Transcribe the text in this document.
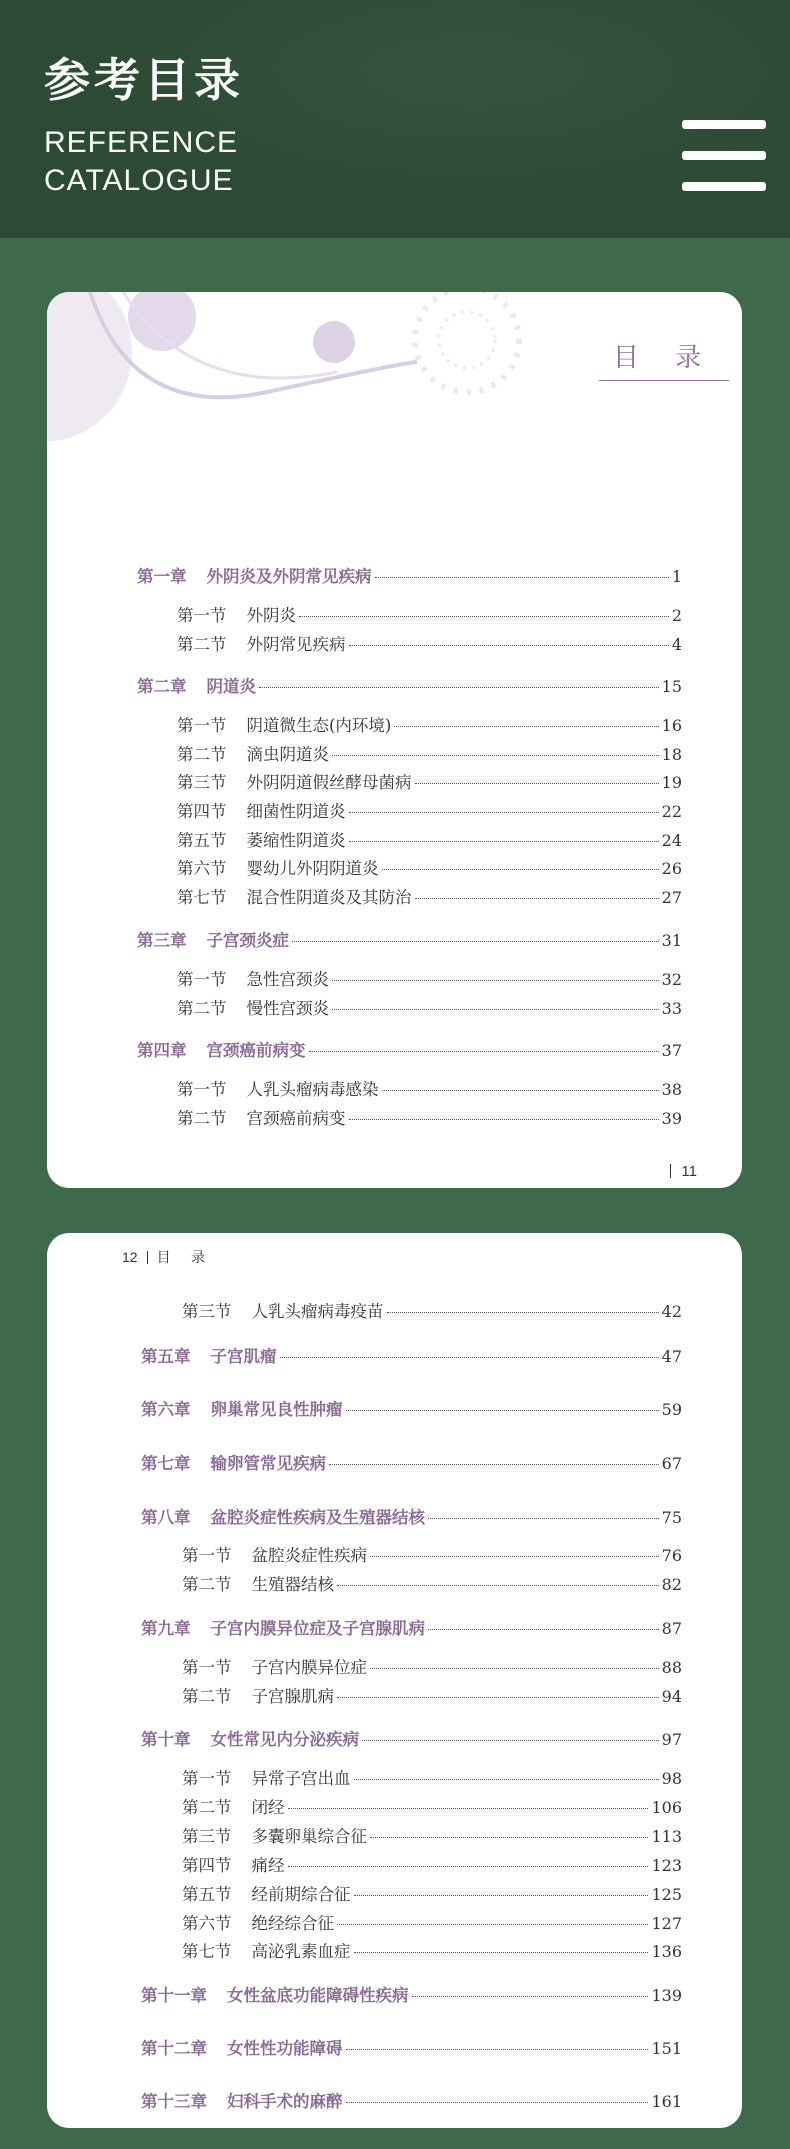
参考目录
REFERENCE
CATALOGUE
目 录
第一章 外阴炎及外阴常见疾病	1
第一节 外阴炎	2
第二节 外阴常见疾病	4
第二章 阴道炎	15
第一节 阴道微生态(内环境)	16
第二节 滴虫阴道炎	18
第三节 外阴阴道假丝酵母菌病	19
第四节 细菌性阴道炎	22
第五节 萎缩性阴道炎	24
第六节 婴幼儿外阴阴道炎	26
第七节 混合性阴道炎及其防治	27
第三章 子宫颈炎症	31
第一节 急性宫颈炎	32
第二节 慢性宫颈炎	33
第四章 宫颈癌前病变	37
第一节 人乳头瘤病毒感染	38
第二节 宫颈癌前病变	39
11
12 目 录
第三节 人乳头瘤病毒疫苗	42
第五章 子宫肌瘤	47
第六章 卵巢常见良性肿瘤	59
第七章 输卵管常见疾病	67
第八章 盆腔炎症性疾病及生殖器结核	75
第一节 盆腔炎症性疾病	76
第二节 生殖器结核	82
第九章 子宫内膜异位症及子宫腺肌病	87
第一节 子宫内膜异位症	88
第二节 子宫腺肌病	94
第十章 女性常见内分泌疾病	97
第一节 异常子宫出血	98
第二节 闭经	106
第三节 多囊卵巢综合征	113
第四节 痛经	123
第五节 经前期综合征	125
第六节 绝经综合征	127
第七节 高泌乳素血症	136
第十一章 女性盆底功能障碍性疾病	139
第十二章 女性性功能障碍	151
第十三章 妇科手术的麻醉	161
